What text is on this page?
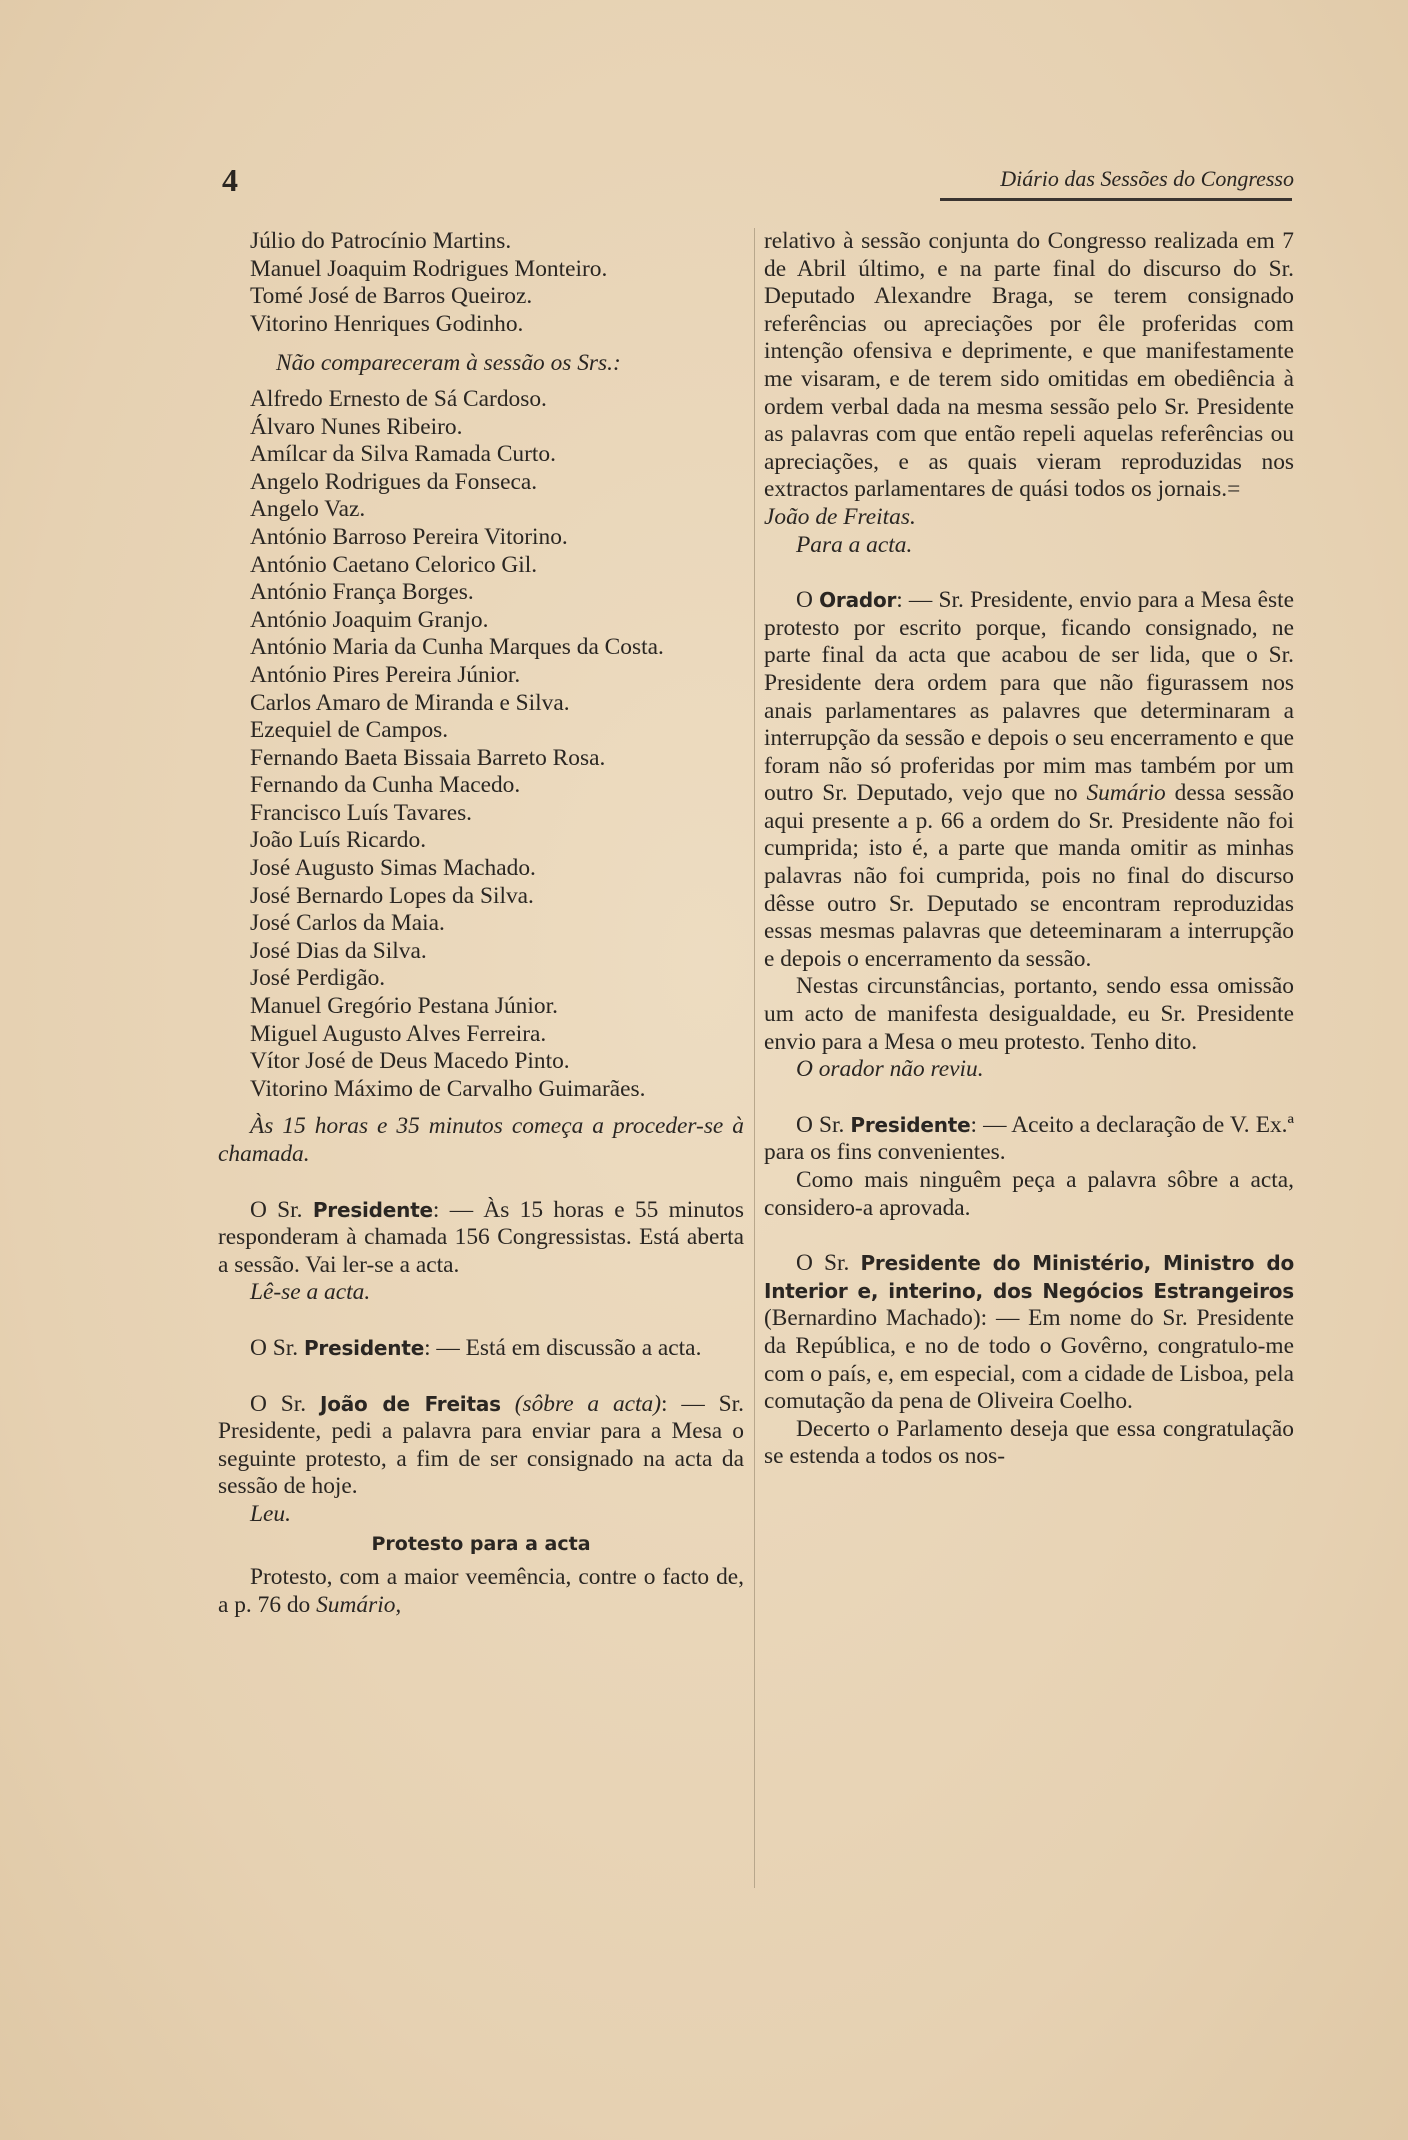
4	Diário das Sessões do Congresso
Júlio do Patrocínio Martins.
Manuel Joaquim Rodrigues Monteiro.
Tomé José de Barros Queiroz.
Vitorino Henriques Godinho.
Não compareceram à sessão os Srs.:
Alfredo Ernesto de Sá Cardoso.
Álvaro Nunes Ribeiro.
Amílcar da Silva Ramada Curto.
Angelo Rodrigues da Fonseca.
Angelo Vaz.
António Barroso Pereira Vitorino.
António Caetano Celorico Gil.
António França Borges.
António Joaquim Granjo.
António Maria da Cunha Marques da Costa.
António Pires Pereira Júnior.
Carlos Amaro de Miranda e Silva.
Ezequiel de Campos.
Fernando Baeta Bissaia Barreto Rosa.
Fernando da Cunha Macedo.
Francisco Luís Tavares.
João Luís Ricardo.
José Augusto Simas Machado.
José Bernardo Lopes da Silva.
José Carlos da Maia.
José Dias da Silva.
José Perdigão.
Manuel Gregório Pestana Júnior.
Miguel Augusto Alves Ferreira.
Vítor José de Deus Macedo Pinto.
Vitorino Máximo de Carvalho Guimarães.
Às 15 horas e 35 minutos começa a proceder-se à chamada.

O Sr. Presidente: — Às 15 horas e 55 minutos responderam à chamada 156 Congressistas. Está aberta a sessão. Vai ler-se a acta.

Lê-se a acta.

O Sr. Presidente: — Está em discussão a acta.

O Sr. João de Freitas (sôbre a acta): — Sr. Presidente, pedi a palavra para enviar para a Mesa o seguinte protesto, a fim de ser consignado na acta da sessão de hoje.

Leu.
Protesto para a acta

Protesto, com a maior veemência, contre o facto de, a p. 76 do Sumário,

relativo à sessão conjunta do Congresso realizada em 7 de Abril último, e na parte final do discurso do Sr. Deputado Alexandre Braga, se terem consignado referências ou apreciações por êle proferidas com intenção ofensiva e deprimente, e que manifestamente me visaram, e de terem sido omitidas em obediência à ordem verbal dada na mesma sessão pelo Sr. Presidente as palavras com que então repeli aquelas referências ou apreciações, e as quais vieram reproduzidas nos extractos parlamentares de quási todos os jornais.=

João de Freitas.
Para a acta.

O Orador: — Sr. Presidente, envio para a Mesa êste protesto por escrito porque, ficando consignado, ne parte final da acta que acabou de ser lida, que o Sr. Presidente dera ordem para que não figurassem nos anais parlamentares as palavres que determinaram a interrupção da sessão e depois o seu encerramento e que foram não só proferidas por mim mas também por um outro Sr. Deputado, vejo que no Sumário dessa sessão aqui presente a p. 66 a ordem do Sr. Presidente não foi cumprida; isto é, a parte que manda omitir as minhas palavras não foi cumprida, pois no final do discurso dêsse outro Sr. Deputado se encontram reproduzidas essas mesmas palavras que deteeminaram a interrupção e depois o encerramento da sessão.

Nestas circunstâncias, portanto, sendo essa omissão um acto de manifesta desigualdade, eu Sr. Presidente envio para a Mesa o meu protesto. Tenho dito.

O orador não reviu.

O Sr. Presidente: — Aceito a declaração de V. Ex.ª para os fins convenientes.

Como mais ninguêm peça a palavra sôbre a acta, considero-a aprovada.

O Sr. Presidente do Ministério, Ministro do Interior e, interino, dos Negócios Estrangeiros (Bernardino Machado): — Em nome do Sr. Presidente da República, e no de todo o Govêrno, congratulo-me com o país, e, em especial, com a cidade de Lisboa, pela comutação da pena de Oliveira Coelho.

Decerto o Parlamento deseja que essa congratulação se estenda a todos os nos-
